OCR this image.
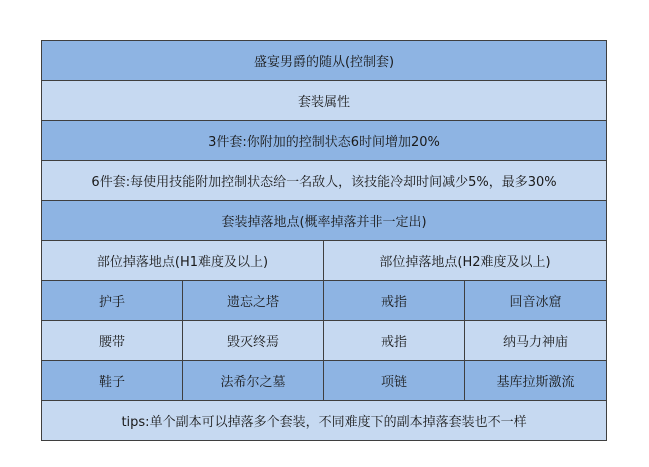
盛宴男爵的随从(控制套)			
套装属性			
3件套:你附加的控制状态6时间增加20%			
6件套:每使用技能附加控制状态给一名敌人，该技能冷却时间减少5%，最多30%			
套装掉落地点(概率掉落并非一定出)			
部位掉落地点(H1难度及以上)		部位掉落地点(H2难度及以上)	
护手	遗忘之塔	戒指	回音冰窟
腰带	毁灭终焉	戒指	纳马力神庙
鞋子	法希尔之墓	项链	基库拉斯激流
tips:单个副本可以掉落多个套装，不同难度下的副本掉落套装也不一样			
